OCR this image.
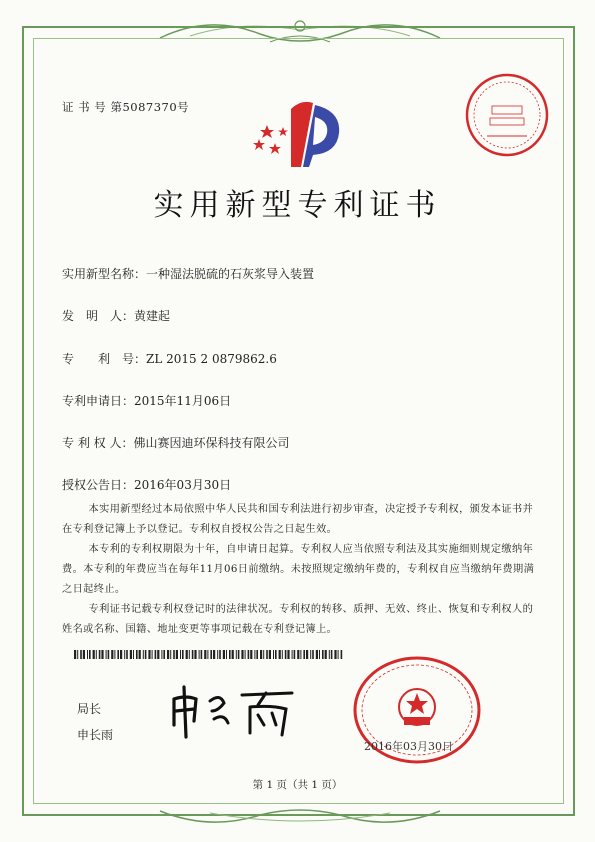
证 书 号 第5087370号
实用新型专利证书
实用新型名称：一种湿法脱硫的石灰浆导入装置
发　明　人：黄建起
专　　利　号：ZL 2015 2 0879862.6
专利申请日：2015年11月06日
专 利 权 人：佛山赛因迪环保科技有限公司
授权公告日：2016年03月30日
本实用新型经过本局依照中华人民共和国专利法进行初步审查，决定授予专利权，颁发本证书并在专利登记簿上予以登记。专利权自授权公告之日起生效。
本专利的专利权期限为十年，自申请日起算。专利权人应当依照专利法及其实施细则规定缴纳年费。本专利的年费应当在每年11月06日前缴纳。未按照规定缴纳年费的，专利权自应当缴纳年费期满之日起终止。
专利证书记载专利权登记时的法律状况。专利权的转移、质押、无效、终止、恢复和专利权人的姓名或名称、国籍、地址变更等事项记载在专利登记簿上。
局长
申长雨
2016年03月30日
第 1 页（共 1 页）
